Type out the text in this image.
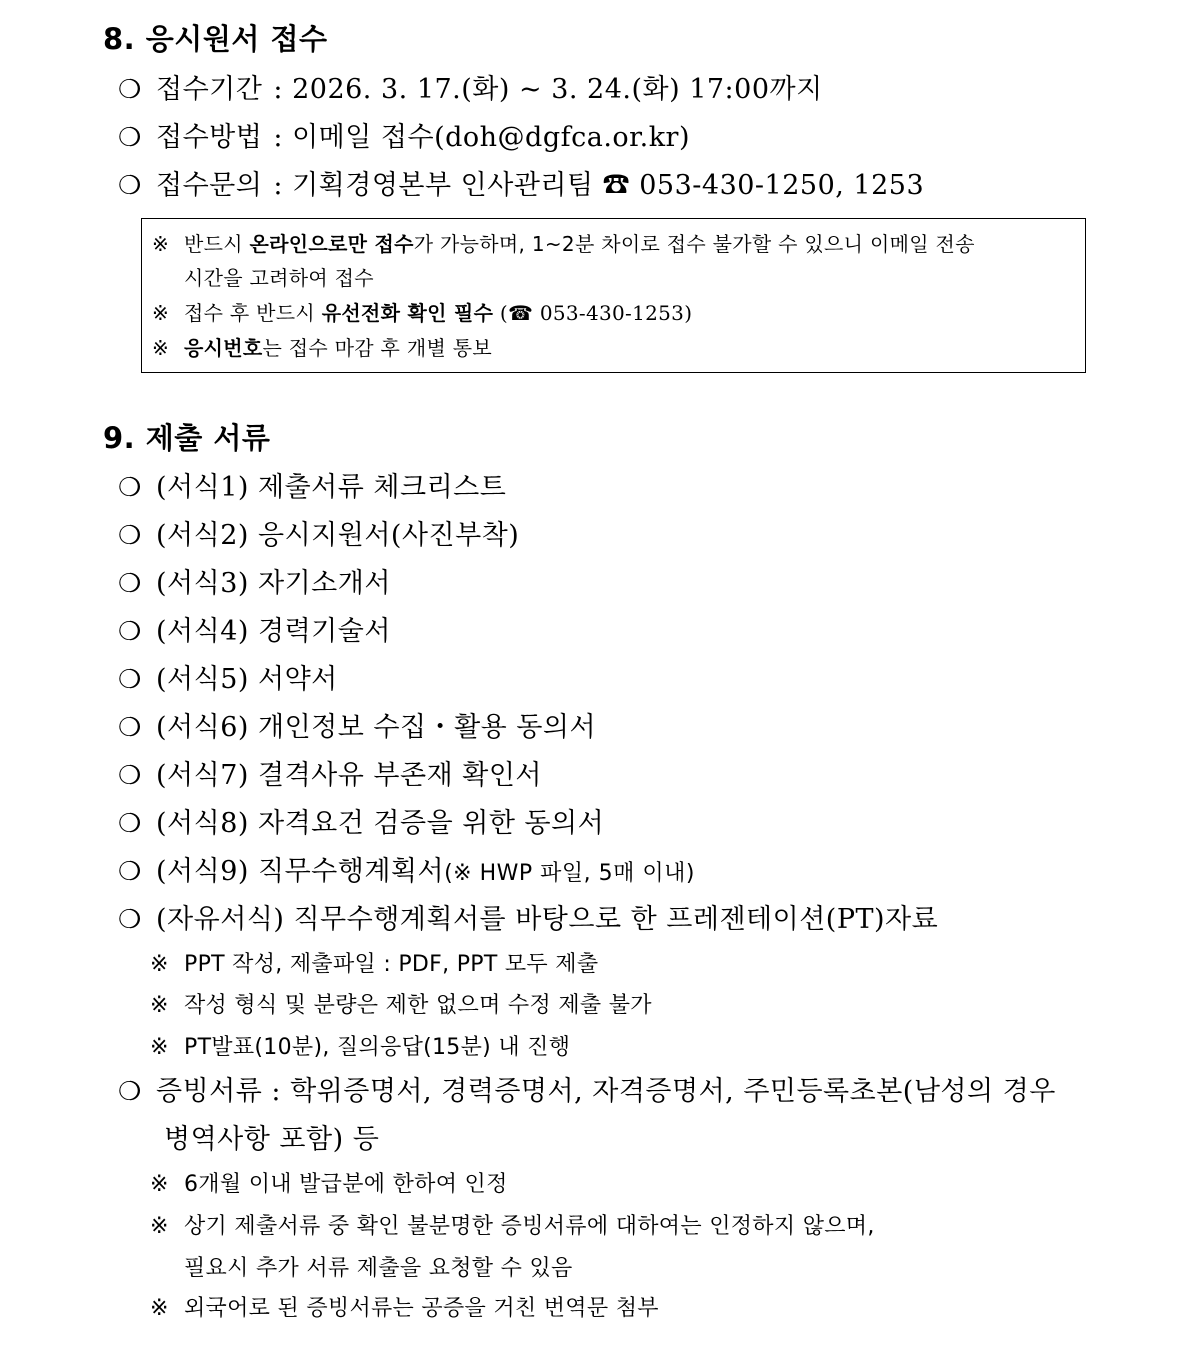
8. 응시원서 접수
❍ 접수기간 : 2026. 3. 17.(화) ~ 3. 24.(화) 17:00까지
❍ 접수방법 : 이메일 접수(doh@dgfca.or.kr)
❍ 접수문의 : 기획경영본부 인사관리팀 ☎ 053-430-1250, 1253
※ 반드시 온라인으로만 접수가 가능하며, 1~2분 차이로 접수 불가할 수 있으니 이메일 전송
시간을 고려하여 접수
※ 접수 후 반드시 유선전화 확인 필수 (☎ 053-430-1253)
※ 응시번호는 접수 마감 후 개별 통보
9. 제출 서류
❍ (서식1) 제출서류 체크리스트
❍ (서식2) 응시지원서(사진부착)
❍ (서식3) 자기소개서
❍ (서식4) 경력기술서
❍ (서식5) 서약서
❍ (서식6) 개인정보 수집・활용 동의서
❍ (서식7) 결격사유 부존재 확인서
❍ (서식8) 자격요건 검증을 위한 동의서
❍ (서식9) 직무수행계획서(※ HWP 파일, 5매 이내)
❍ (자유서식) 직무수행계획서를 바탕으로 한 프레젠테이션(PT)자료
※ PPT 작성, 제출파일 : PDF, PPT 모두 제출
※ 작성 형식 및 분량은 제한 없으며 수정 제출 불가
※ PT발표(10분), 질의응답(15분) 내 진행
❍ 증빙서류 : 학위증명서, 경력증명서, 자격증명서, 주민등록초본(남성의 경우
병역사항 포함) 등
※ 6개월 이내 발급분에 한하여 인정
※ 상기 제출서류 중 확인 불분명한 증빙서류에 대하여는 인정하지 않으며,
필요시 추가 서류 제출을 요청할 수 있음
※ 외국어로 된 증빙서류는 공증을 거친 번역문 첨부
